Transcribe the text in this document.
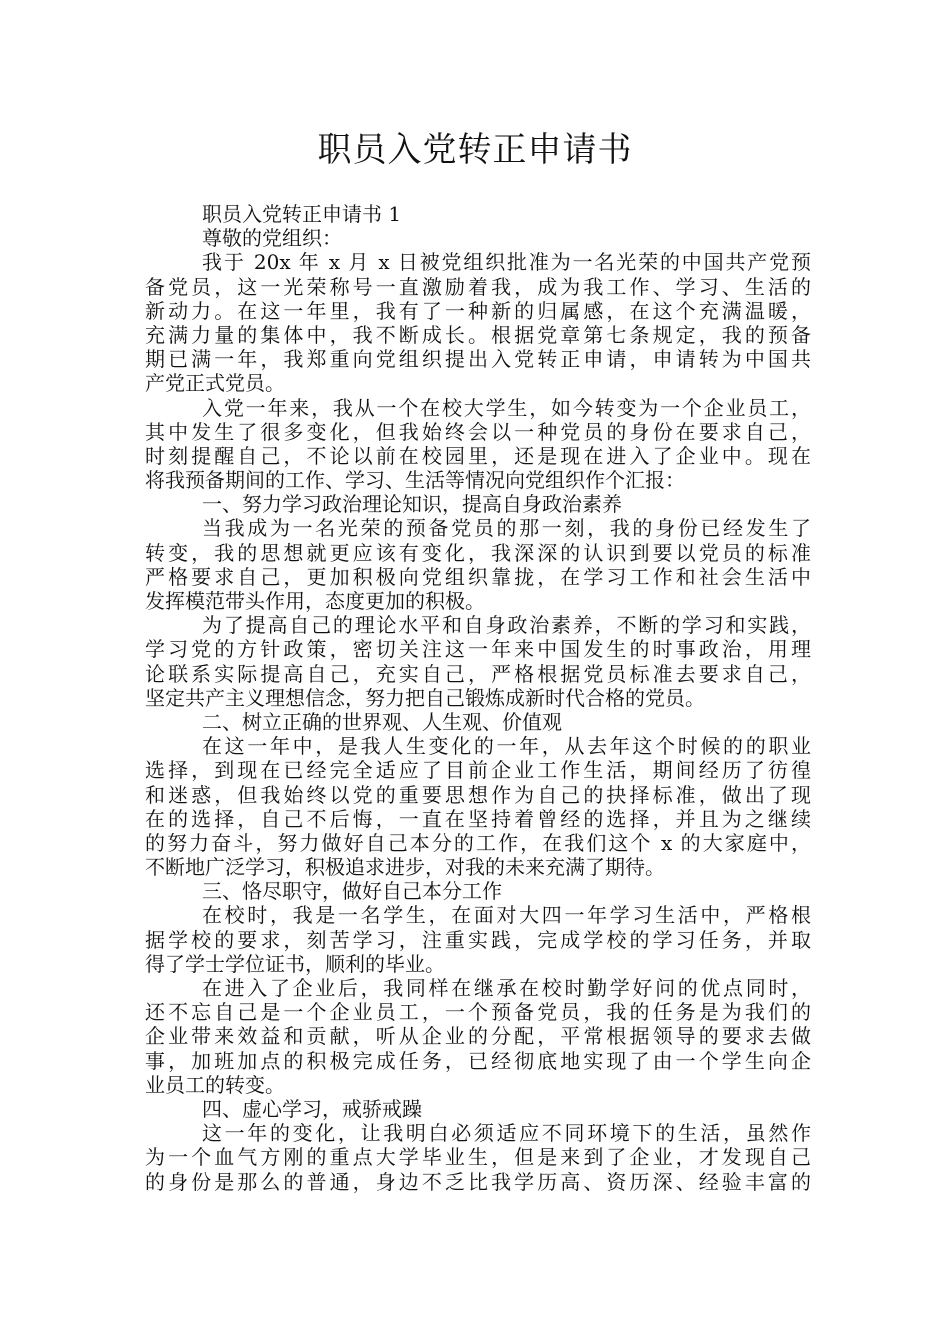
职员入党转正申请书
职员入党转正申请书 1
尊敬的党组织：
我于 20x 年 x 月 x 日被党组织批准为一名光荣的中国共产党预
备党员，这一光荣称号一直激励着我，成为我工作、学习、生活的
新动力。在这一年里，我有了一种新的归属感，在这个充满温暖，
充满力量的集体中，我不断成长。根据党章第七条规定，我的预备
期已满一年，我郑重向党组织提出入党转正申请，申请转为中国共
产党正式党员。
入党一年来，我从一个在校大学生，如今转变为一个企业员工，
其中发生了很多变化，但我始终会以一种党员的身份在要求自己，
时刻提醒自己，不论以前在校园里，还是现在进入了企业中。现在
将我预备期间的工作、学习、生活等情况向党组织作个汇报：
一、努力学习政治理论知识，提高自身政治素养
当我成为一名光荣的预备党员的那一刻，我的身份已经发生了
转变，我的思想就更应该有变化，我深深的认识到要以党员的标准
严格要求自己，更加积极向党组织靠拢，在学习工作和社会生活中
发挥模范带头作用，态度更加的积极。
为了提高自己的理论水平和自身政治素养，不断的学习和实践，
学习党的方针政策，密切关注这一年来中国发生的时事政治，用理
论联系实际提高自己，充实自己，严格根据党员标准去要求自己，
坚定共产主义理想信念，努力把自己锻炼成新时代合格的党员。
二、树立正确的世界观、人生观、价值观
在这一年中，是我人生变化的一年，从去年这个时候的的职业
选择，到现在已经完全适应了目前企业工作生活，期间经历了彷徨
和迷惑，但我始终以党的重要思想作为自己的抉择标准，做出了现
在的选择，自己不后悔，一直在坚持着曾经的选择，并且为之继续
的努力奋斗，努力做好自己本分的工作，在我们这个 x 的大家庭中，
不断地广泛学习，积极追求进步，对我的未来充满了期待。
三、恪尽职守，做好自己本分工作
在校时，我是一名学生，在面对大四一年学习生活中，严格根
据学校的要求，刻苦学习，注重实践，完成学校的学习任务，并取
得了学士学位证书，顺利的毕业。
在进入了企业后，我同样在继承在校时勤学好问的优点同时，
还不忘自己是一个企业员工，一个预备党员，我的任务是为我们的
企业带来效益和贡献，听从企业的分配，平常根据领导的要求去做
事，加班加点的积极完成任务，已经彻底地实现了由一个学生向企
业员工的转变。
四、虚心学习，戒骄戒躁
这一年的变化，让我明白必须适应不同环境下的生活，虽然作
为一个血气方刚的重点大学毕业生，但是来到了企业，才发现自己
的身份是那么的普通，身边不乏比我学历高、资历深、经验丰富的
